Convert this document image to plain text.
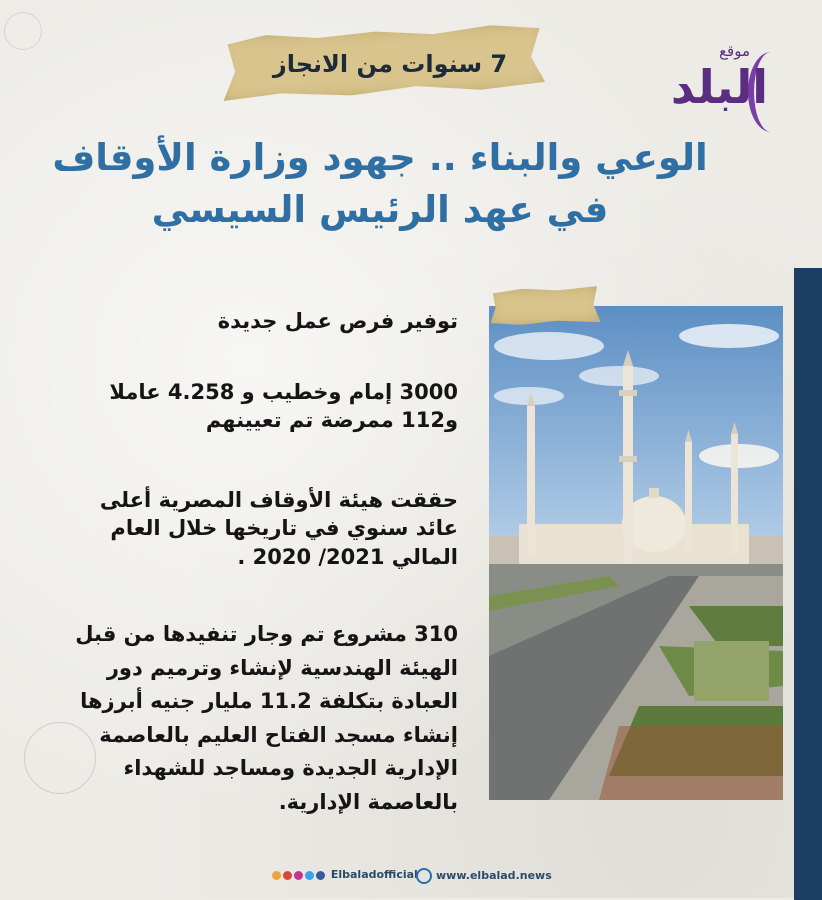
7 سنوات من الانجاز	موقع
البلد
الوعي والبناء .. جهود وزارة الأوقاف
في عهد الرئيس السيسي
توفير فرص عمل جديدة
3000 إمام وخطيب و 4.258 عاملا و112 ممرضة تم تعيينهم
حققت هيئة الأوقاف المصرية أعلى عائد سنوي في تاريخها خلال العام المالي 2021/ 2020 .
310 مشروع تم وجار تنفيدها من قبل الهيئة الهندسية لإنشاء وترميم دور العبادة بتكلفة 11.2 مليار جنيه أبرزها إنشاء مسجد الفتاح العليم بالعاصمة الإدارية الجديدة ومساجد للشهداء بالعاصمة الإدارية.
Elbaladofficial	www.elbalad.news
